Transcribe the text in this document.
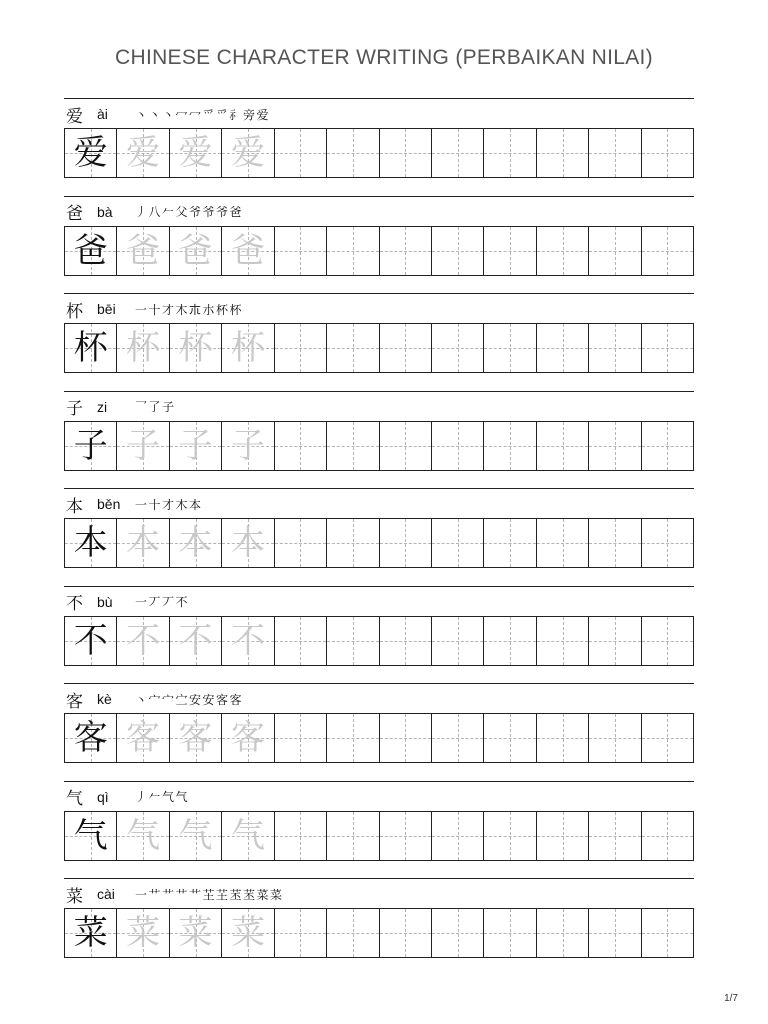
CHINESE CHARACTER WRITING (PERBAIKAN NILAI)
爱 ài	丶丶丶冖冖爫爫⺬旁爱
爱 爱 爱 爱
爸 bà	丿八𠂉父爷爷爷爸
爸 爸 爸 爸
杯 bēi	一十才木𣎳朩杯杯
杯 杯 杯 杯
子 zi	乛了子
子 子 子 子
本 běn 一十才木本
本 本 本 本
不 bù	一丆丆不
不 不 不 不
客 kè	丶宀宀㝉安安客客
客 客 客 客
气 qì	丿𠂉气气
气 气 气 气
菜 cài	一艹艹艹艹芏芏苤苤菜菜
菜 菜 菜 菜
1/7
